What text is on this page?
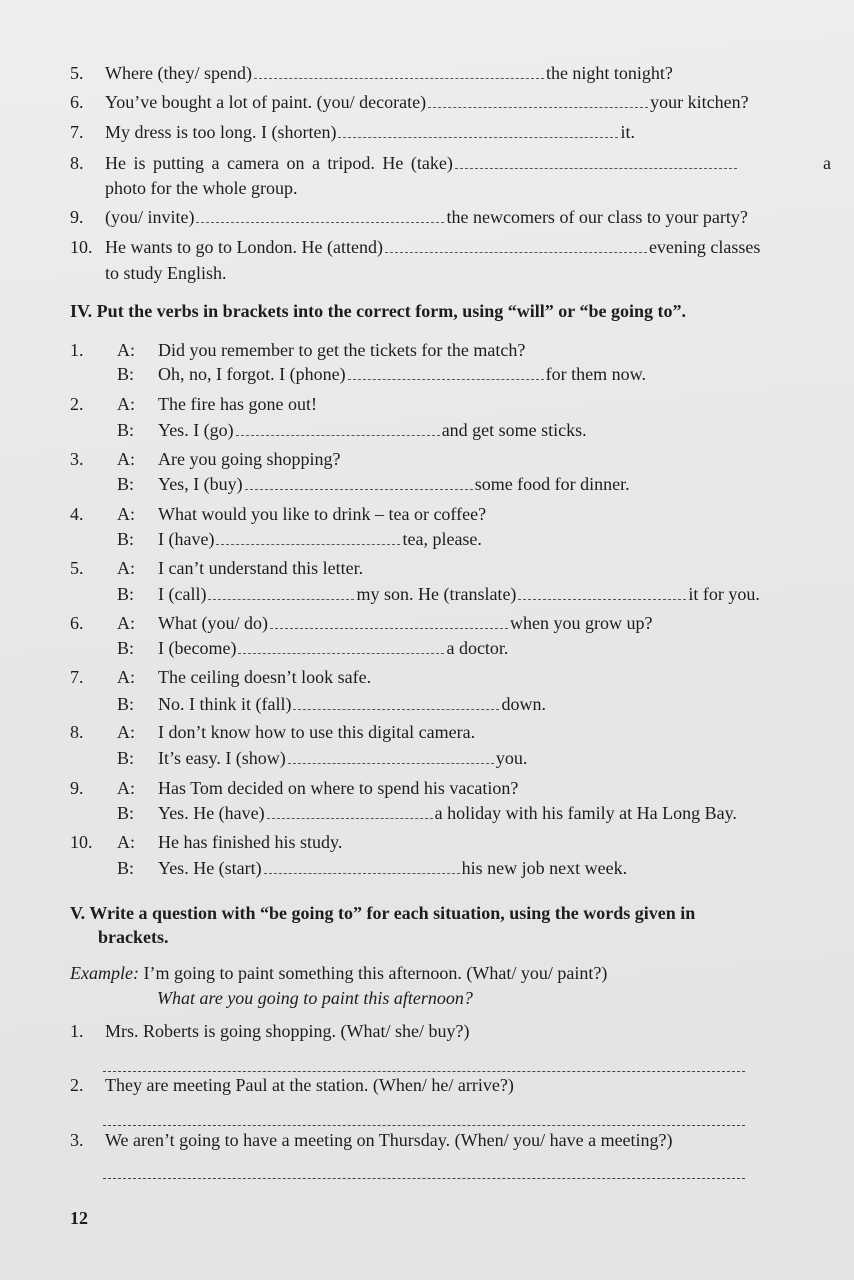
5. Where (they/ spend)	the night tonight?
6. You’ve bought a lot of paint. (you/ decorate)	your kitchen?
7. My dress is too long. I (shorten)	it.
8. He is putting a camera on a tripod. He (take)	a
photo for the whole group.
9. (you/ invite)	the newcomers of our class to your party?
10. He wants to go to London. He (attend)	evening classes
to study English.
IV. Put the verbs in brackets into the correct form, using “will” or “be going to”.
1. A: Did you remember to get the tickets for the match?
B: Oh, no, I forgot. I (phone)	for them now.
2. A: The fire has gone out!
B: Yes. I (go)	and get some sticks.
3. A: Are you going shopping?
B: Yes, I (buy)	some food for dinner.
4. A: What would you like to drink – tea or coffee?
B: I (have)	tea, please.
5. A: I can’t understand this letter.
B: I (call)	my son. He (translate)	it for you.
6. A: What (you/ do)	when you grow up?
B: I (become)	a doctor.
7. A: The ceiling doesn’t look safe.
B: No. I think it (fall)	down.
8. A: I don’t know how to use this digital camera.
B: It’s easy. I (show)	you.
9. A: Has Tom decided on where to spend his vacation?
B: Yes. He (have)	a holiday with his family at Ha Long Bay.
10. A: He has finished his study.
B: Yes. He (start)	his new job next week.
V. Write a question with “be going to” for each situation, using the words given in
brackets.
Example: I’m going to paint something this afternoon. (What/ you/ paint?)
What are you going to paint this afternoon?
1. Mrs. Roberts is going shopping. (What/ she/ buy?)
2. They are meeting Paul at the station. (When/ he/ arrive?)
3. We aren’t going to have a meeting on Thursday. (When/ you/ have a meeting?)
12
